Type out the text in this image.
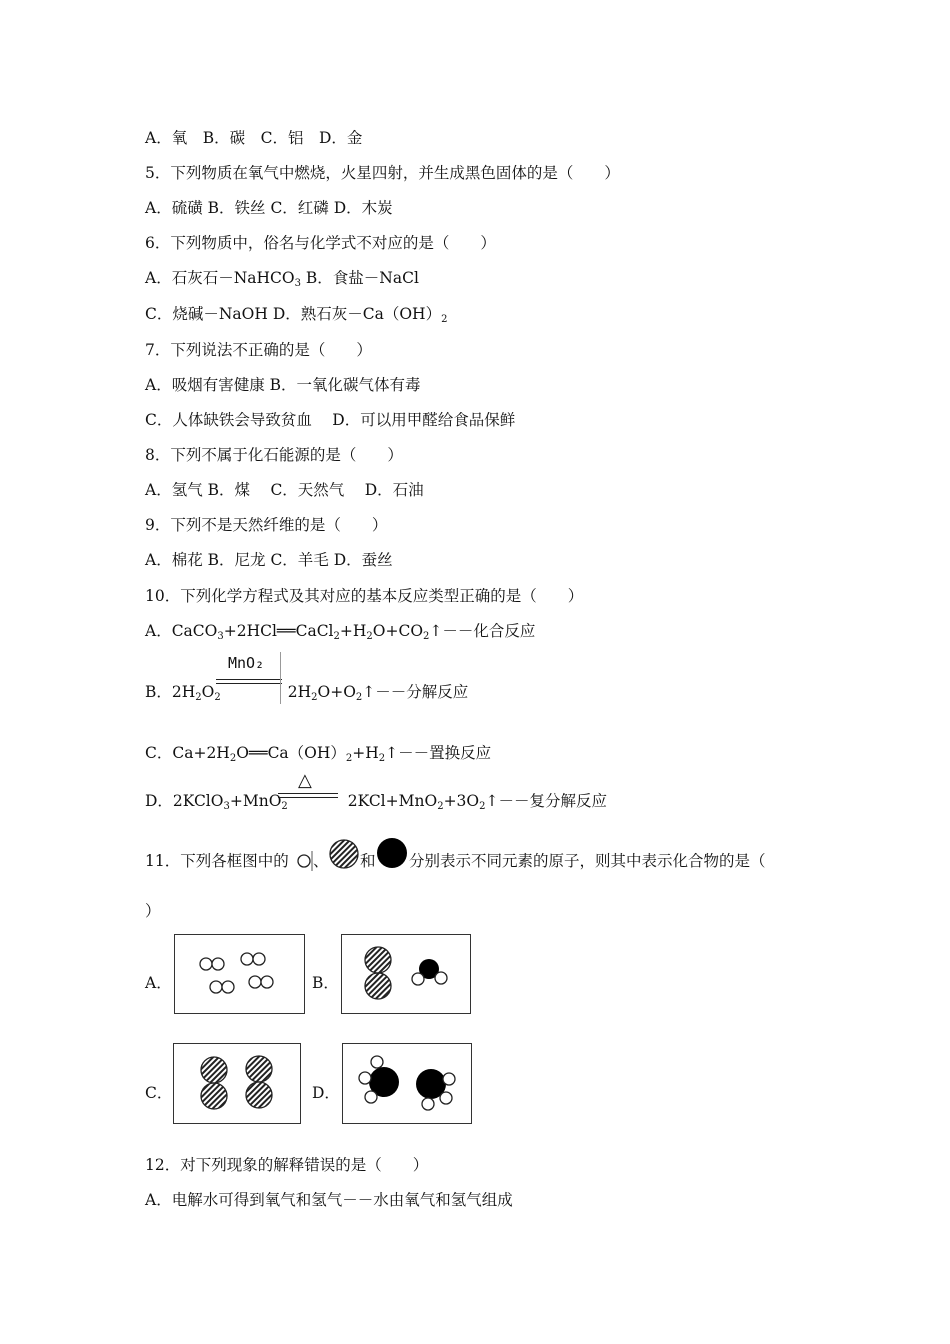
A．氧　B．碳　C．铝　D．金
5．下列物质在氧气中燃烧，火星四射，并生成黑色固体的是（　　）
A．硫磺 B．铁丝 C．红磷 D．木炭
6．下列物质中，俗名与化学式不对应的是（　　）
A．石灰石－NaHCO$_3$ B．食盐－NaCl
C．烧碱－NaOH D．熟石灰$-Ca(OH)_2$
7．下列说法不正确的是（　　）
A．吸烟有害健康 B．一氧化碳气体有毒
C．人体缺铁会导致贫血　 D．可以用甲醛给食品保鲜
8．下列不属于化石能源的是（　　）
A．氢气 B．煤　 C．天然气　 D．石油
9．下列不是天然纤维的是（　　）
A．棉花 B．尼龙 C．羊毛 D．蚕丝
10．下列化学方程式及其对应的基本反应类型正确的是（　　）
A．$CaCO_3+2HCl══CaCl_2+H_2O+CO_2↑--$化合反应
B．$2H_2O_2$	$2H_2O+O_2↑--$分解反应
MnO₂
C．$Ca+2H_2O══Ca(OH)_2+H_2↑--$置换反应
D．2KClO$_3$+MnO$_2$	$2KCl+MnO_2+3O_2↑--$复分解反应
△
11．下列各框图中的 、 和 分别表示不同元素的原子，则其中表示化合物的是（
）
A．	B．
C．	D．
12．对下列现象的解释错误的是（　　）
A．电解水可得到氧气和氢气－－水由氧气和氢气组成
